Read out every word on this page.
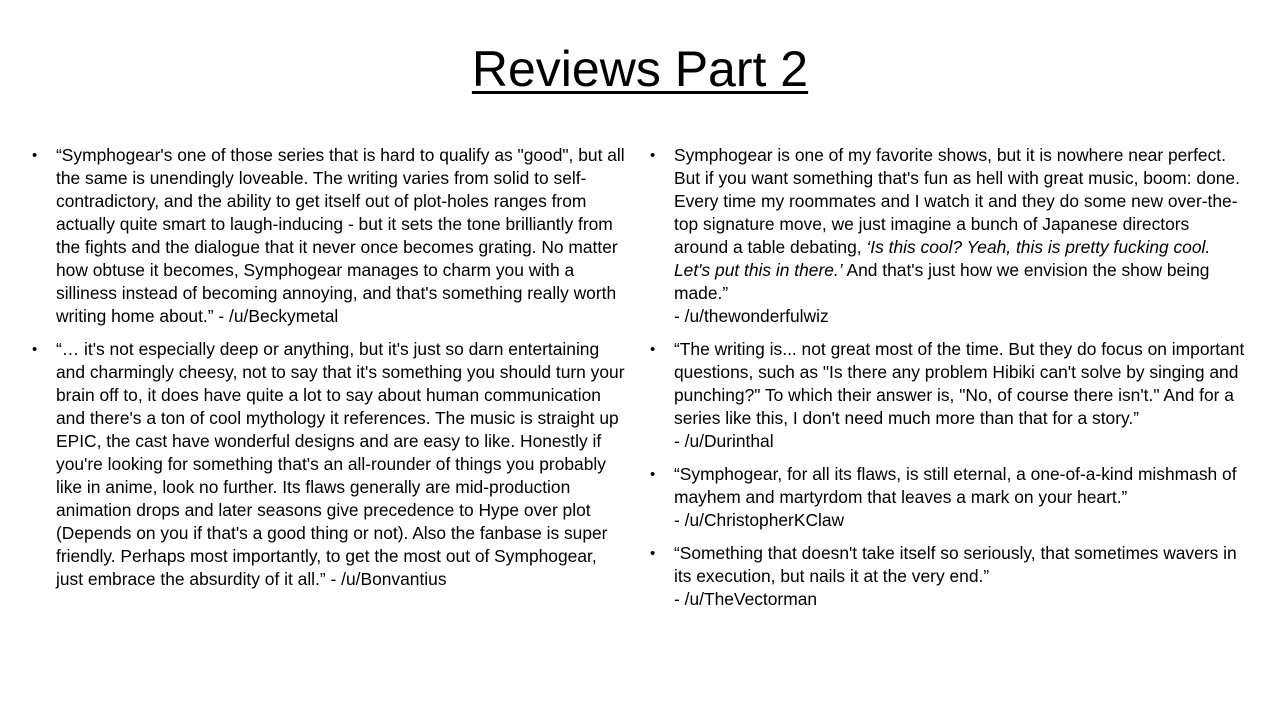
Reviews Part 2
• “Symphogear's one of those series that is hard to qualify as "good", but all the same is unendingly loveable. The writing varies from solid to self-contradictory, and the ability to get itself out of plot-holes ranges from actually quite smart to laugh-inducing - but it sets the tone brilliantly from the fights and the dialogue that it never once becomes grating. No matter how obtuse it becomes, Symphogear manages to charm you with a silliness instead of becoming annoying, and that's something really worth writing home about.” - /u/Beckymetal
• “… it's not especially deep or anything, but it's just so darn entertaining and charmingly cheesy, not to say that it's something you should turn your brain off to, it does have quite a lot to say about human communication and there's a ton of cool mythology it references. The music is straight up EPIC, the cast have wonderful designs and are easy to like. Honestly if you're looking for something that's an all-rounder of things you probably like in anime, look no further. Its flaws generally are mid-production animation drops and later seasons give precedence to Hype over plot (Depends on you if that's a good thing or not). Also the fanbase is super friendly. Perhaps most importantly, to get the most out of Symphogear, just embrace the absurdity of it all.” - /u/Bonvantius
• Symphogear is one of my favorite shows, but it is nowhere near perfect. But if you want something that's fun as hell with great music, boom: done. Every time my roommates and I watch it and they do some new over-the-top signature move, we just imagine a bunch of Japanese directors around a table debating, ‘Is this cool? Yeah, this is pretty fucking cool. Let's put this in there.’ And that's just how we envision the show being made.”
- /u/thewonderfulwiz
• “The writing is... not great most of the time. But they do focus on important questions, such as "Is there any problem Hibiki can't solve by singing and punching?" To which their answer is, "No, of course there isn't." And for a series like this, I don't need much more than that for a story.”
- /u/Durinthal
• “Symphogear, for all its flaws, is still eternal, a one-of-a-kind mishmash of mayhem and martyrdom that leaves a mark on your heart.”
- /u/ChristopherKClaw
• “Something that doesn't take itself so seriously, that sometimes wavers in its execution, but nails it at the very end.”
- /u/TheVectorman
